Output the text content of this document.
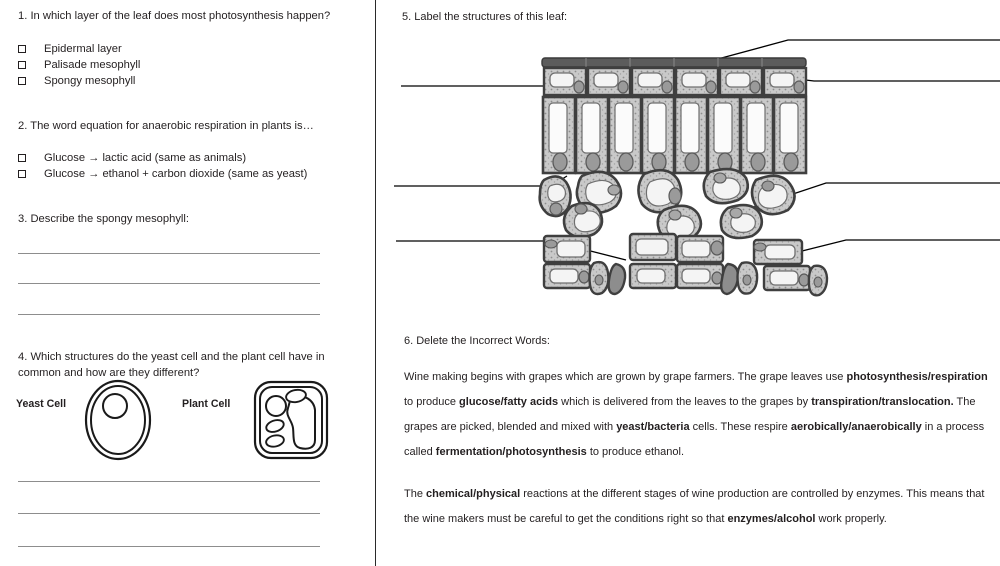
1. In which layer of the leaf does most photosynthesis happen?
Epidermal layer
Palisade mesophyll
Spongy mesophyll
2. The word equation for anaerobic respiration in plants is…
Glucose → lactic acid (same as animals)
Glucose → ethanol + carbon dioxide (same as yeast)
3. Describe the spongy mesophyll:
4. Which structures do the yeast cell and the plant cell have in common and how are they different?
Yeast Cell	Plant Cell
5. Label the structures of this leaf:
6. Delete the Incorrect Words:
Wine making begins with grapes which are grown by grape farmers. The grape leaves use photosynthesis/respiration to produce glucose/fatty acids which is delivered from the leaves to the grapes by transpiration/translocation. The grapes are picked, blended and mixed with yeast/bacteria cells. These respire aerobically/anaerobically in a process called fermentation/photosynthesis to produce ethanol.
The chemical/physical reactions at the different stages of wine production are controlled by enzymes. This means that the wine makers must be careful to get the conditions right so that enzymes/alcohol work properly.
